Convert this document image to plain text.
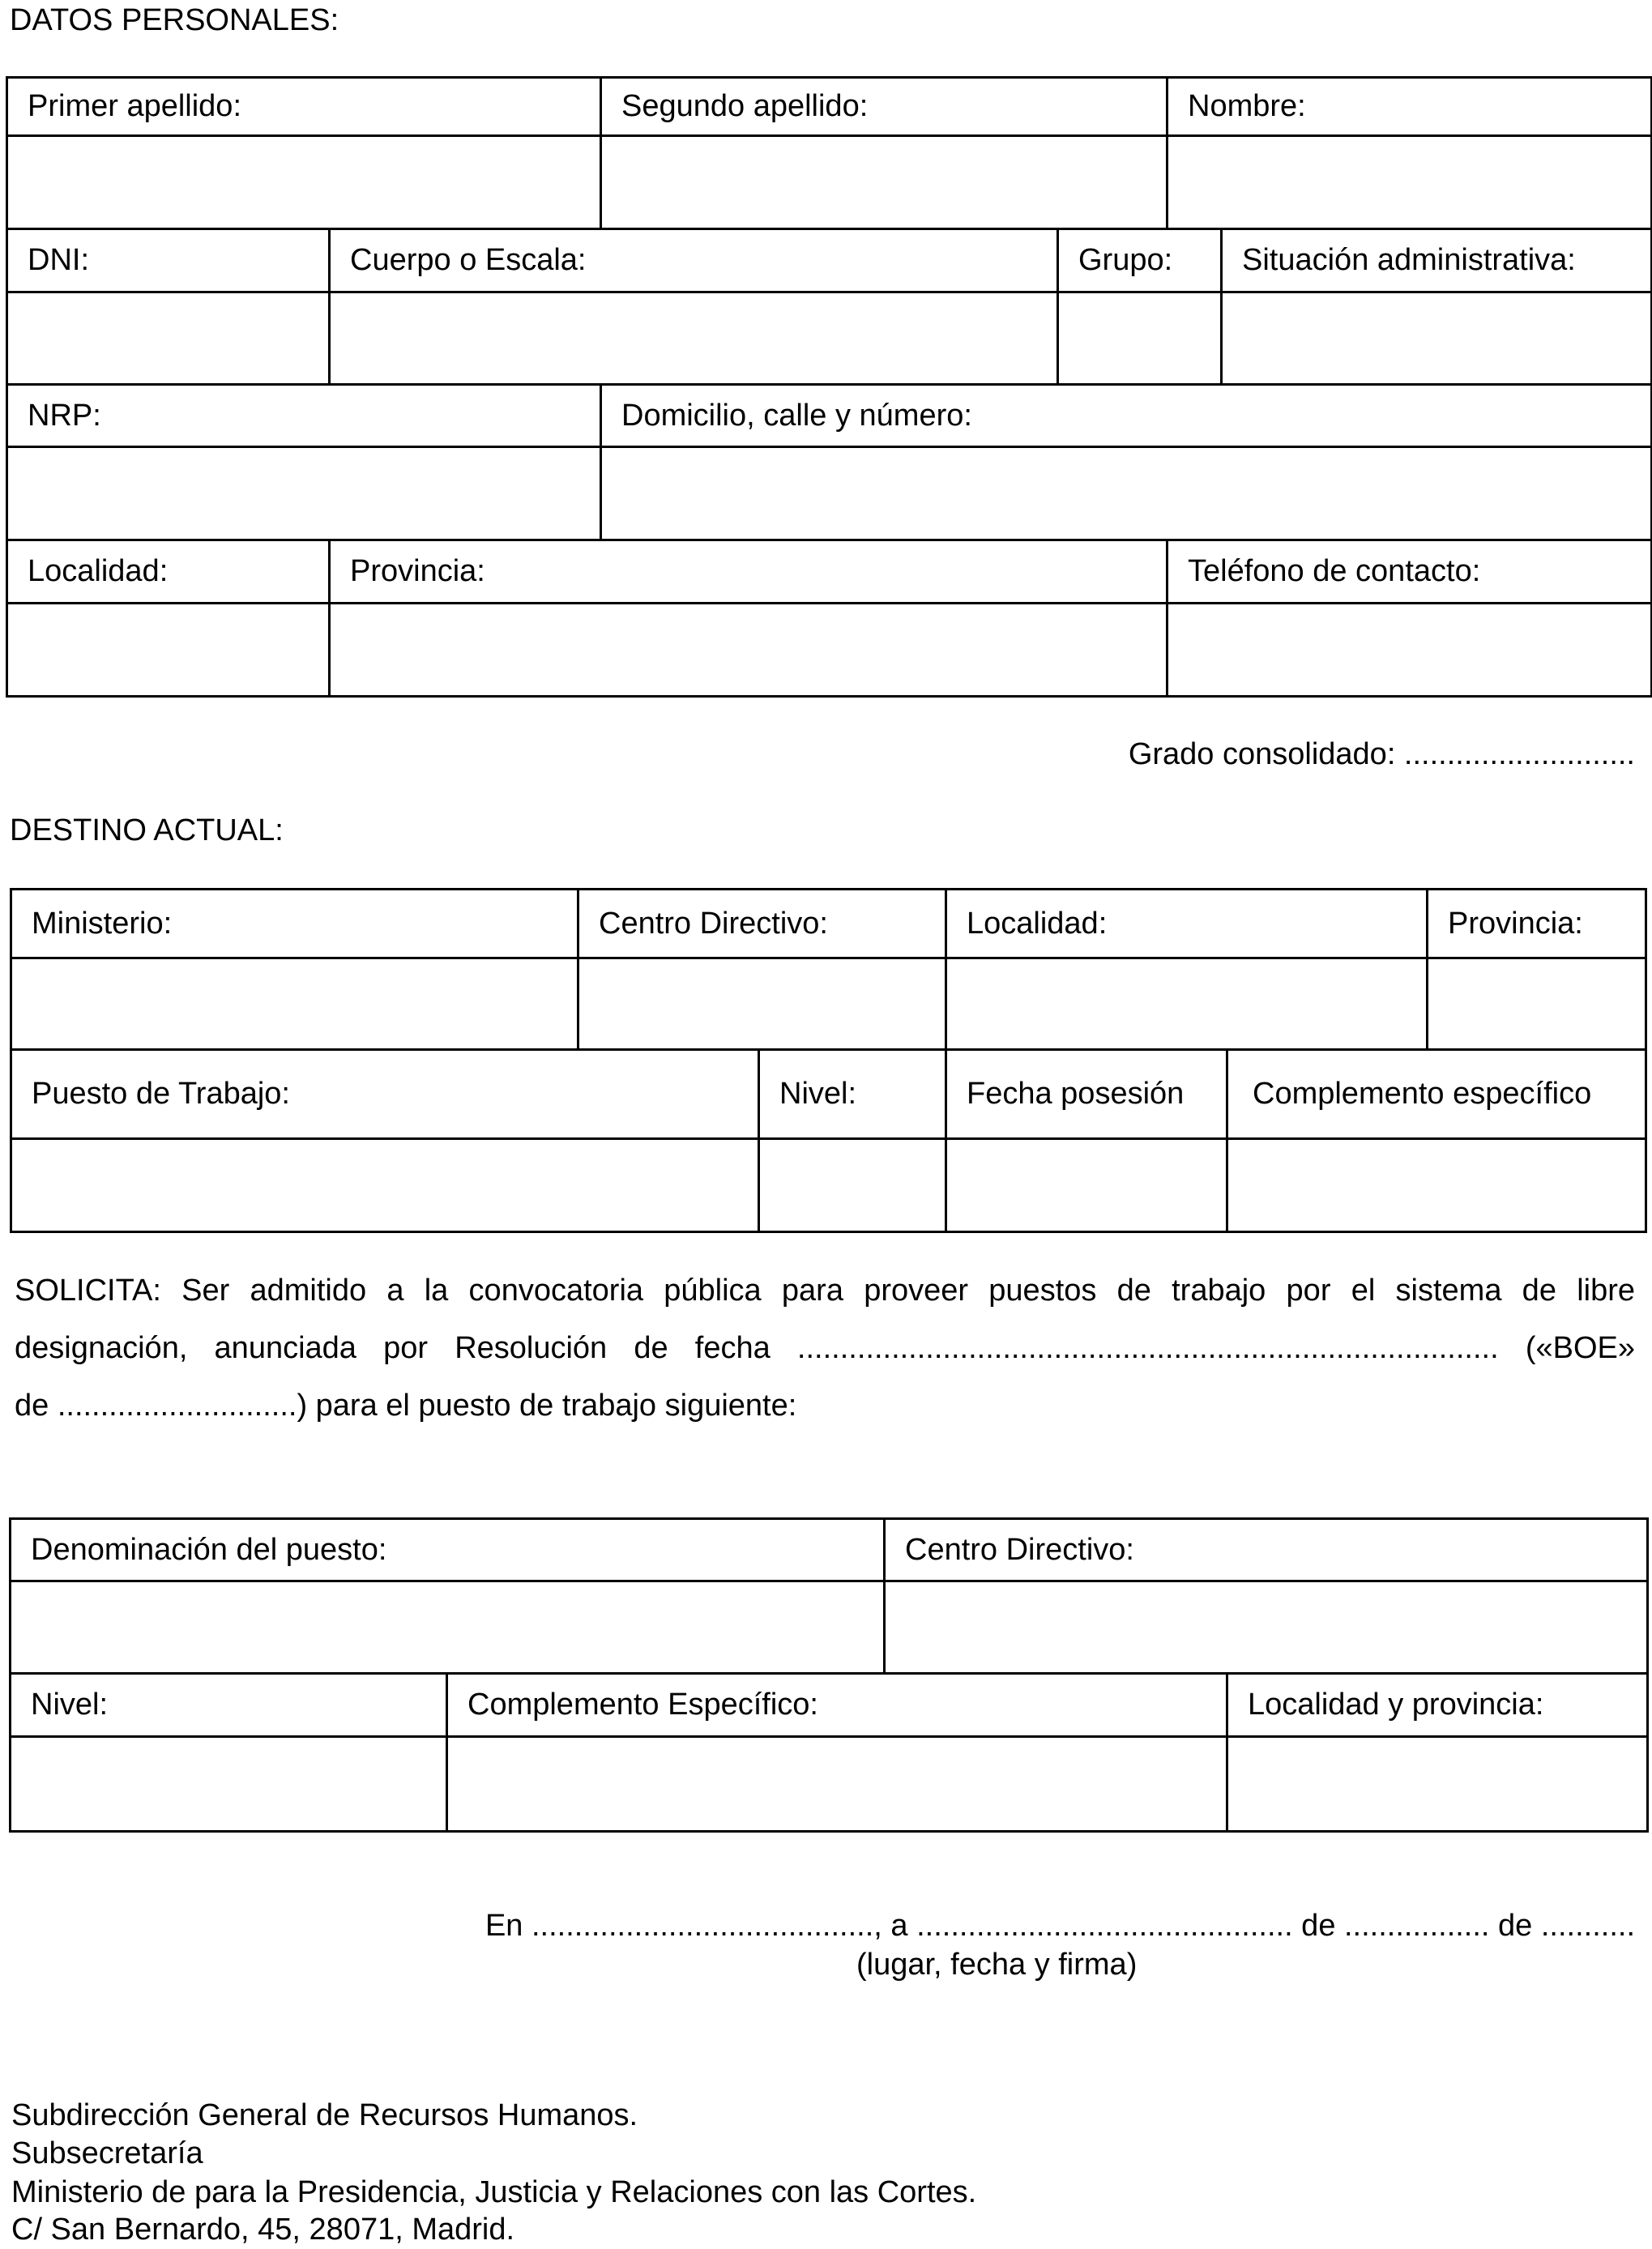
DATOS PERSONALES:
Primer apellido:	Segundo apellido:	Nombre:

DNI:	Cuerpo o Escala:	Grupo:	Situación administrativa:

NRP:	Domicilio, calle y número:

Localidad:	Provincia:	Teléfono de contacto:

Grado consolidado: ...........................
DESTINO ACTUAL:
Ministerio:	Centro Directivo:	Localidad:	Provincia:

Puesto de Trabajo:	Nivel:	Fecha posesión	Complemento específico

SOLICITA: Ser admitido a la convocatoria pública para proveer puestos de trabajo por el sistema de libre
designación, anunciada por Resolución de fecha .................................................................................. («BOE»
de ............................) para el puesto de trabajo siguiente:
Denominación del puesto:	Centro Directivo:

Nivel:	Complemento Específico:	Localidad y provincia:

En ........................................, a ............................................ de ................. de ...........
(lugar, fecha y firma)
Subdirección General de Recursos Humanos.
Subsecretaría
Ministerio de para la Presidencia, Justicia y Relaciones con las Cortes.
C/ San Bernardo, 45, 28071, Madrid.
